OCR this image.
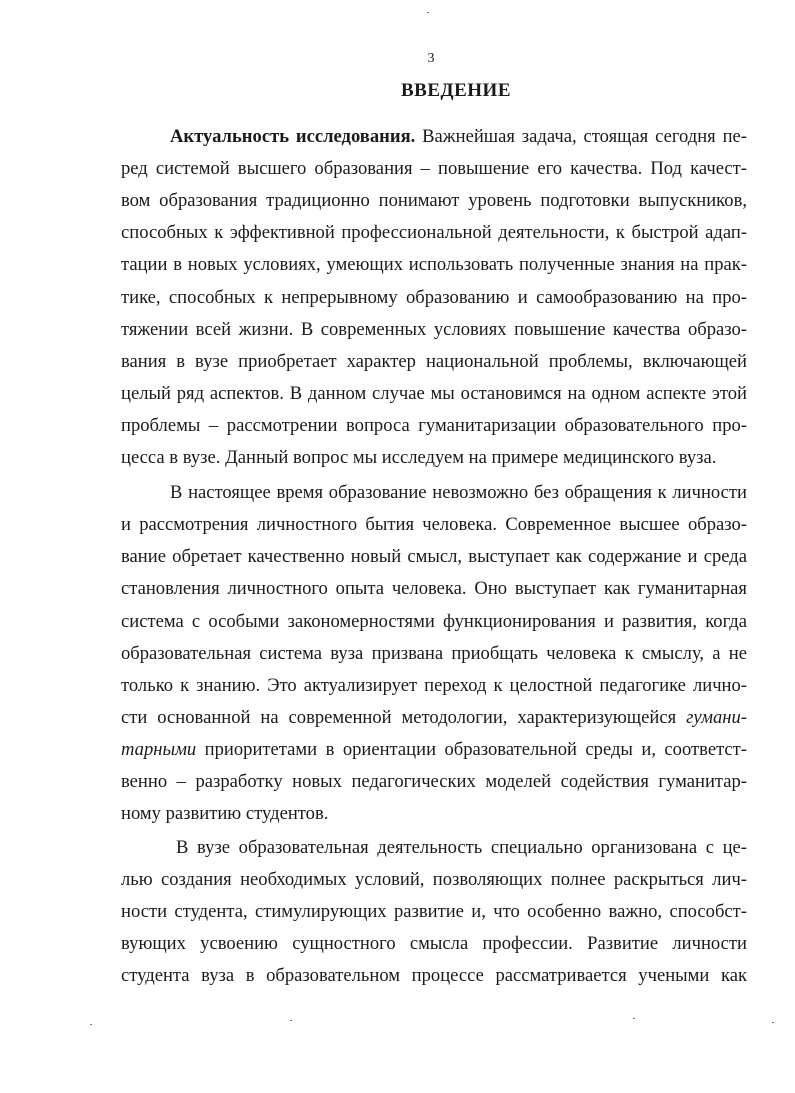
3
ВВЕДЕНИЕ
Актуальность исследования. Важнейшая задача, стоящая сегодня пе-
ред системой высшего образования – повышение его качества. Под качест-
вом образования традиционно понимают уровень подготовки выпускников,
способных к эффективной профессиональной деятельности, к быстрой адап-
тации в новых условиях, умеющих использовать полученные знания на прак-
тике, способных к непрерывному образованию и самообразованию на про-
тяжении всей жизни. В современных условиях повышение качества образо-
вания в вузе приобретает характер национальной проблемы, включающей
целый ряд аспектов. В данном случае мы остановимся на одном аспекте этой
проблемы – рассмотрении вопроса гуманитаризации образовательного про-
цесса в вузе. Данный вопрос мы исследуем на примере медицинского вуза.
В настоящее время образование невозможно без обращения к личности
и рассмотрения личностного бытия человека. Современное высшее образо-
вание обретает качественно новый смысл, выступает как содержание и среда
становления личностного опыта человека. Оно выступает как гуманитарная
система с особыми закономерностями функционирования и развития, когда
образовательная система вуза призвана приобщать человека к смыслу, а не
только к знанию. Это актуализирует переход к целостной педагогике лично-
сти основанной на современной методологии, характеризующейся гумани-
тарными приоритетами в ориентации образовательной среды и, соответст-
венно – разработку новых педагогических моделей содействия гуманитар-
ному развитию студентов.
В вузе образовательная деятельность специально организована с це-
лью создания необходимых условий, позволяющих полнее раскрыться лич-
ности студента, стимулирующих развитие и, что особенно важно, способст-
вующих усвоению сущностного смысла профессии. Развитие личности
студента вуза в образовательном процессе рассматривается учеными как
